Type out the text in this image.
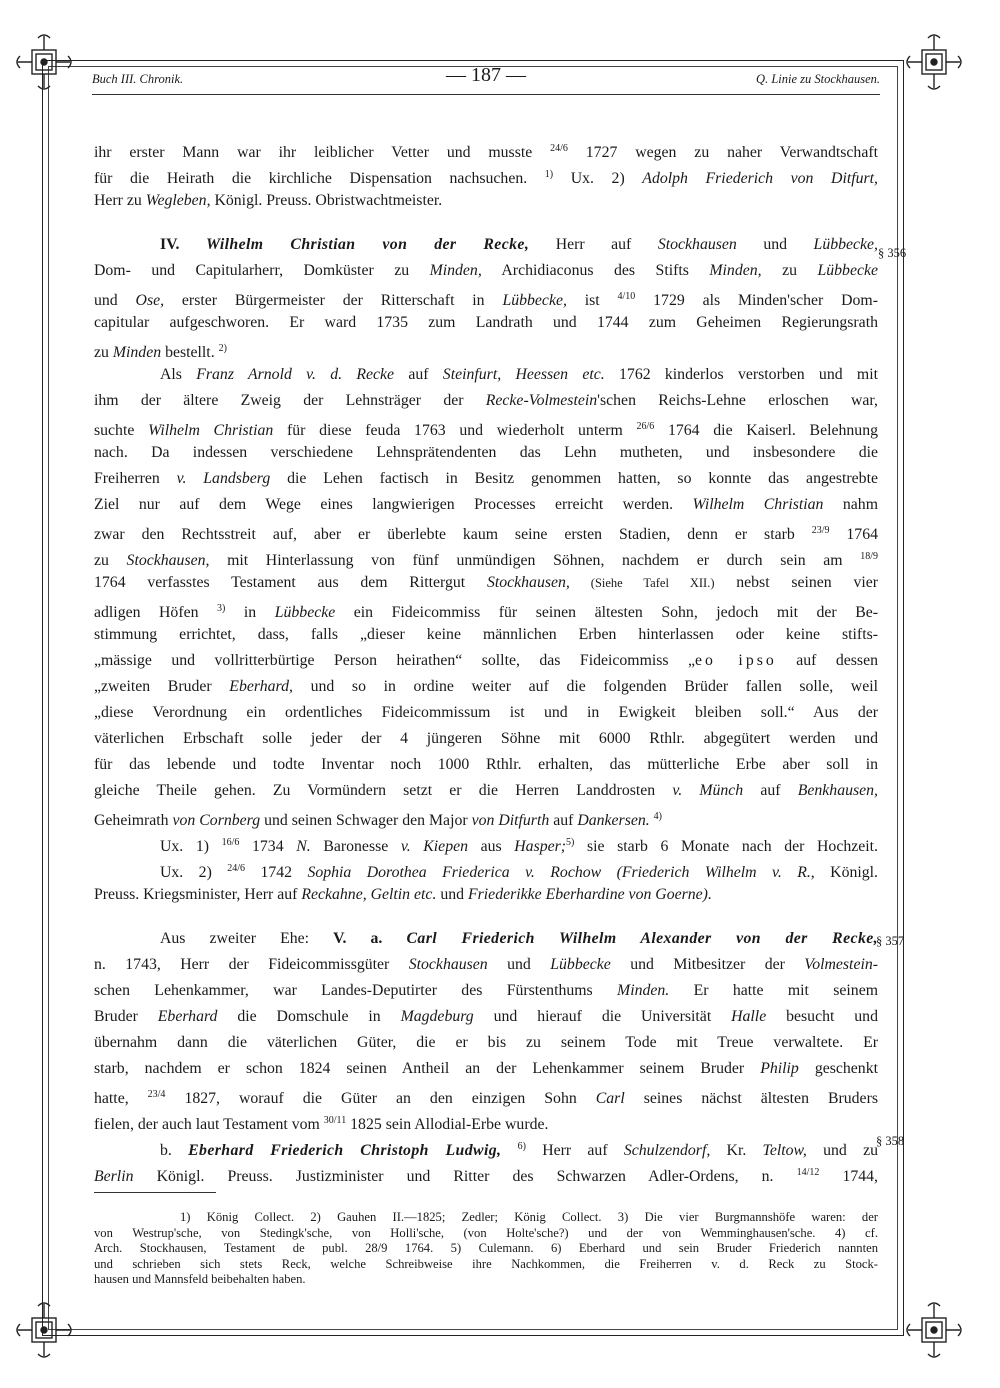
Buch III. Chronik.	— 187 —	Q. Linie zu Stockhausen.
§ 356
§ 357
§ 358
ihr erster Mann war ihr leiblicher Vetter und musste $^{24/6}$ 1727 wegen zu naher Verwandtschaft
für die Heirath die kirchliche Dispensation nachsuchen. $^{1)}$ Ux. 2) Adolph Friederich von Ditfurt,
Herr zu Wegleben, Königl. Preuss. Obristwachtmeister.
IV. Wilhelm Christian von der Recke, Herr auf Stockhausen und Lübbecke,
Dom- und Capitularherr, Domküster zu Minden, Archidiaconus des Stifts Minden, zu Lübbecke
und Ose, erster Bürgermeister der Ritterschaft in Lübbecke, ist $^{4/10}$ 1729 als Minden'scher Dom-
capitular aufgeschworen. Er ward 1735 zum Landrath und 1744 zum Geheimen Regierungsrath
zu Minden bestellt. $^{2)}$
Als Franz Arnold v. d. Recke auf Steinfurt, Heessen etc. 1762 kinderlos verstorben und mit
ihm der ältere Zweig der Lehnsträger der Recke-Volmestein'schen Reichs-Lehne erloschen war,
suchte Wilhelm Christian für diese feuda 1763 und wiederholt unterm $^{26/6}$ 1764 die Kaiserl. Belehnung
nach. Da indessen verschiedene Lehnsprätendenten das Lehn mutheten, und insbesondere die
Freiherren v. Landsberg die Lehen factisch in Besitz genommen hatten, so konnte das angestrebte
Ziel nur auf dem Wege eines langwierigen Processes erreicht werden. Wilhelm Christian nahm
zwar den Rechtsstreit auf, aber er überlebte kaum seine ersten Stadien, denn er starb $^{23/9}$ 1764
zu Stockhausen, mit Hinterlassung von fünf unmündigen Söhnen, nachdem er durch sein am $^{18/9}$
1764 verfasstes Testament aus dem Rittergut Stockhausen, (Siehe Tafel XII.) nebst seinen vier
adligen Höfen $^{3)}$ in Lübbecke ein Fideicommiss für seinen ältesten Sohn, jedoch mit der Be-
stimmung errichtet, dass, falls „dieser keine männlichen Erben hinterlassen oder keine stifts-
„mässige und vollritterbürtige Person heirathen“ sollte, das Fideicommiss „eo ipso auf dessen
„zweiten Bruder Eberhard, und so in ordine weiter auf die folgenden Brüder fallen solle, weil
„diese Verordnung ein ordentliches Fideicommissum ist und in Ewigkeit bleiben soll.“ Aus der
väterlichen Erbschaft solle jeder der 4 jüngeren Söhne mit 6000 Rthlr. abgegütert werden und
für das lebende und todte Inventar noch 1000 Rthlr. erhalten, das mütterliche Erbe aber soll in
gleiche Theile gehen. Zu Vormündern setzt er die Herren Landdrosten v. Münch auf Benkhausen,
Geheimrath von Cornberg und seinen Schwager den Major von Ditfurth auf Dankersen. $^{4)}$
Ux. 1) $^{16/6}$ 1734 N. Baronesse v. Kiepen aus Hasper;$^{5)}$ sie starb 6 Monate nach der Hochzeit.
Ux. 2) $^{24/6}$ 1742 Sophia Dorothea Friederica v. Rochow (Friederich Wilhelm v. R., Königl.
Preuss. Kriegsminister, Herr auf Reckahne, Geltin etc. und Friederikke Eberhardine von Goerne).
Aus zweiter Ehe: V. a. Carl Friederich Wilhelm Alexander von der Recke,
n. 1743, Herr der Fideicommissgüter Stockhausen und Lübbecke und Mitbesitzer der Volmestein-
schen Lehenkammer, war Landes-Deputirter des Fürstenthums Minden. Er hatte mit seinem
Bruder Eberhard die Domschule in Magdeburg und hierauf die Universität Halle besucht und
übernahm dann die väterlichen Güter, die er bis zu seinem Tode mit Treue verwaltete. Er
starb, nachdem er schon 1824 seinen Antheil an der Lehenkammer seinem Bruder Philip geschenkt
hatte, $^{23/4}$ 1827, worauf die Güter an den einzigen Sohn Carl seines nächst ältesten Bruders
fielen, der auch laut Testament vom $^{30/11}$ 1825 sein Allodial-Erbe wurde.
b. Eberhard Friederich Christoph Ludwig, $^{6)}$ Herr auf Schulzendorf, Kr. Teltow, und zu
Berlin Königl. Preuss. Justizminister und Ritter des Schwarzen Adler-Ordens, n. $^{14/12}$ 1744,
1) König Collect. 2) Gauhen II.—1825; Zedler; König Collect. 3) Die vier Burgmannshöfe waren: der
von Westrup'sche, von Stedingk'sche, von Holli'sche, (von Holte'sche?) und der von Wemminghausen'sche. 4) cf.
Arch. Stockhausen, Testament de publ. 28/9 1764. 5) Culemann. 6) Eberhard und sein Bruder Friederich nannten
und schrieben sich stets Reck, welche Schreibweise ihre Nachkommen, die Freiherren v. d. Reck zu Stock-
hausen und Mannsfeld beibehalten haben.
